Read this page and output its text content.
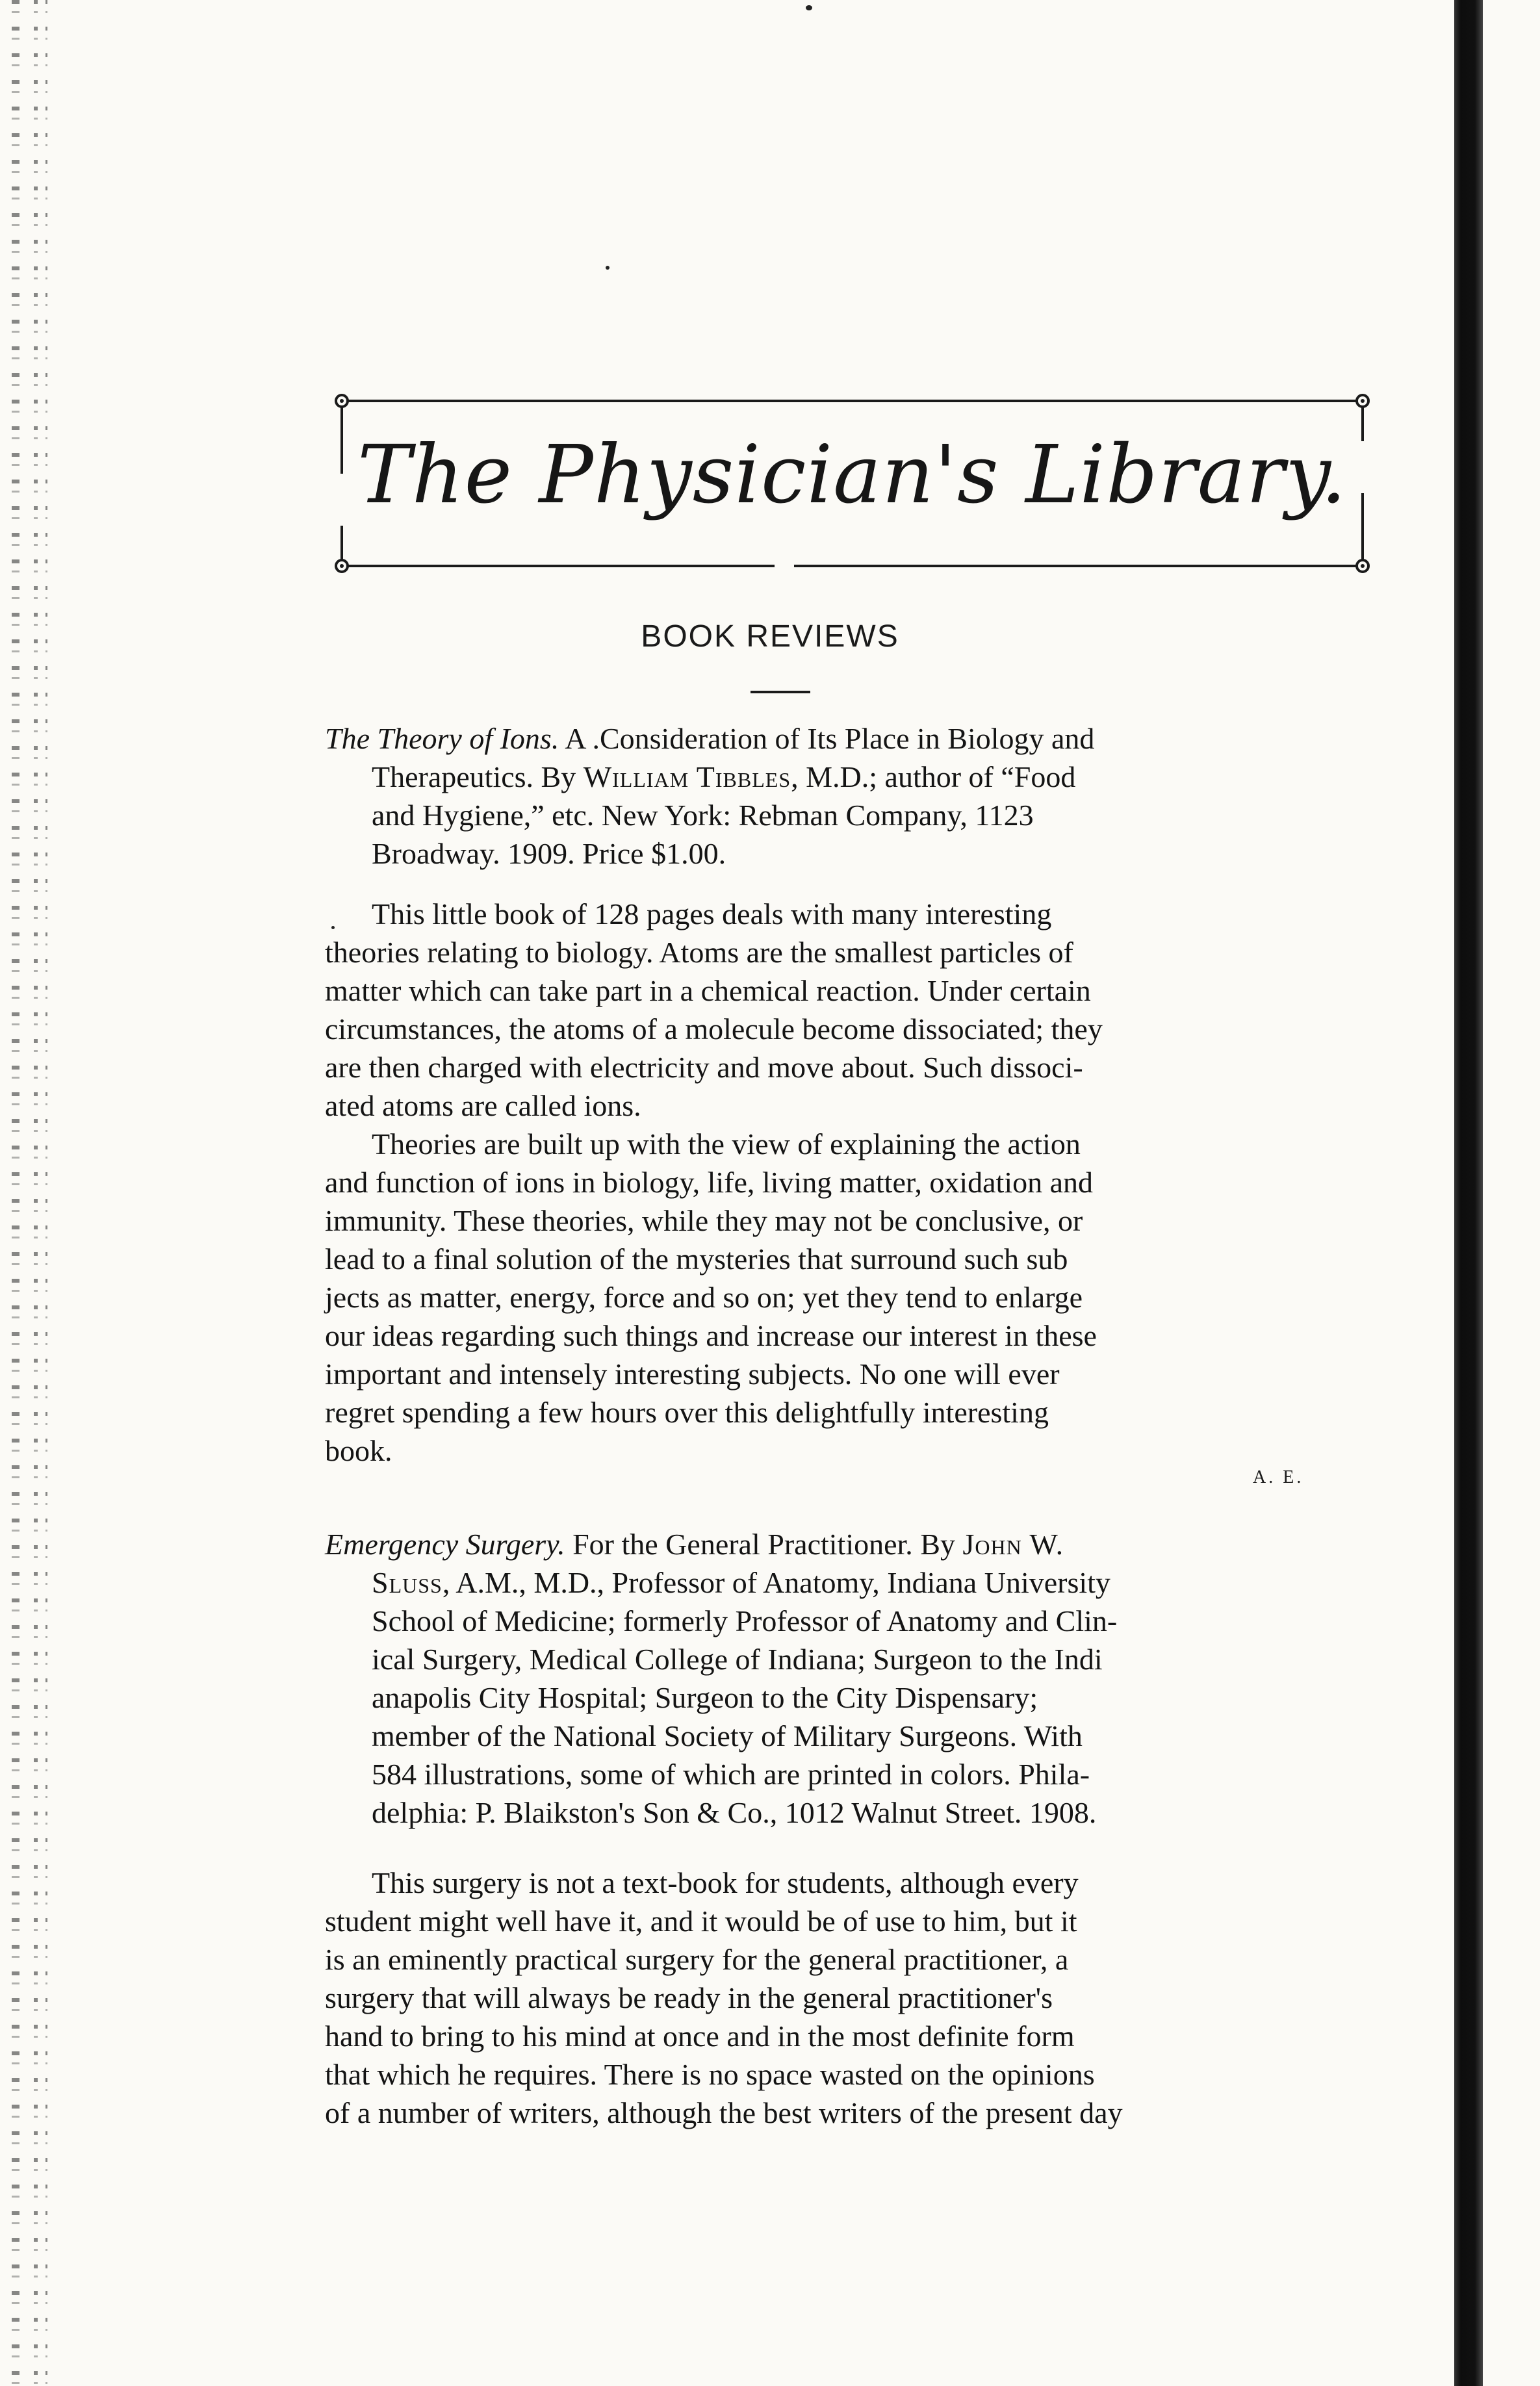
The Physician's Library.
BOOK REVIEWS
The Theory of Ions. A .Consideration of Its Place in Biology and
Therapeutics. By William Tibbles, M.D.; author of “Food
and Hygiene,” etc. New York: Rebman Company, 1123
Broadway. 1909. Price $1.00.
This little book of 128 pages deals with many interesting
theories relating to biology. Atoms are the smallest particles of
matter which can take part in a chemical reaction. Under certain
circumstances, the atoms of a molecule become dissociated; they
are then charged with electricity and move about. Such dissoci-
ated atoms are called ions.
Theories are built up with the view of explaining the action
and function of ions in biology, life, living matter, oxidation and
immunity. These theories, while they may not be conclusive, or
lead to a final solution of the mysteries that surround such sub
jects as matter, energy, force and so on; yet they tend to enlarge
our ideas regarding such things and increase our interest in these
important and intensely interesting subjects. No one will ever
regret spending a few hours over this delightfully interesting
book.
A. E.
Emergency Surgery. For the General Practitioner. By John W.
Sluss, A.M., M.D., Professor of Anatomy, Indiana University
School of Medicine; formerly Professor of Anatomy and Clin-
ical Surgery, Medical College of Indiana; Surgeon to the Indi
anapolis City Hospital; Surgeon to the City Dispensary;
member of the National Society of Military Surgeons. With
584 illustrations, some of which are printed in colors. Phila-
delphia: P. Blaikston's Son & Co., 1012 Walnut Street. 1908.
This surgery is not a text-book for students, although every
student might well have it, and it would be of use to him, but it
is an eminently practical surgery for the general practitioner, a
surgery that will always be ready in the general practitioner's
hand to bring to his mind at once and in the most definite form
that which he requires. There is no space wasted on the opinions
of a number of writers, although the best writers of the present day
